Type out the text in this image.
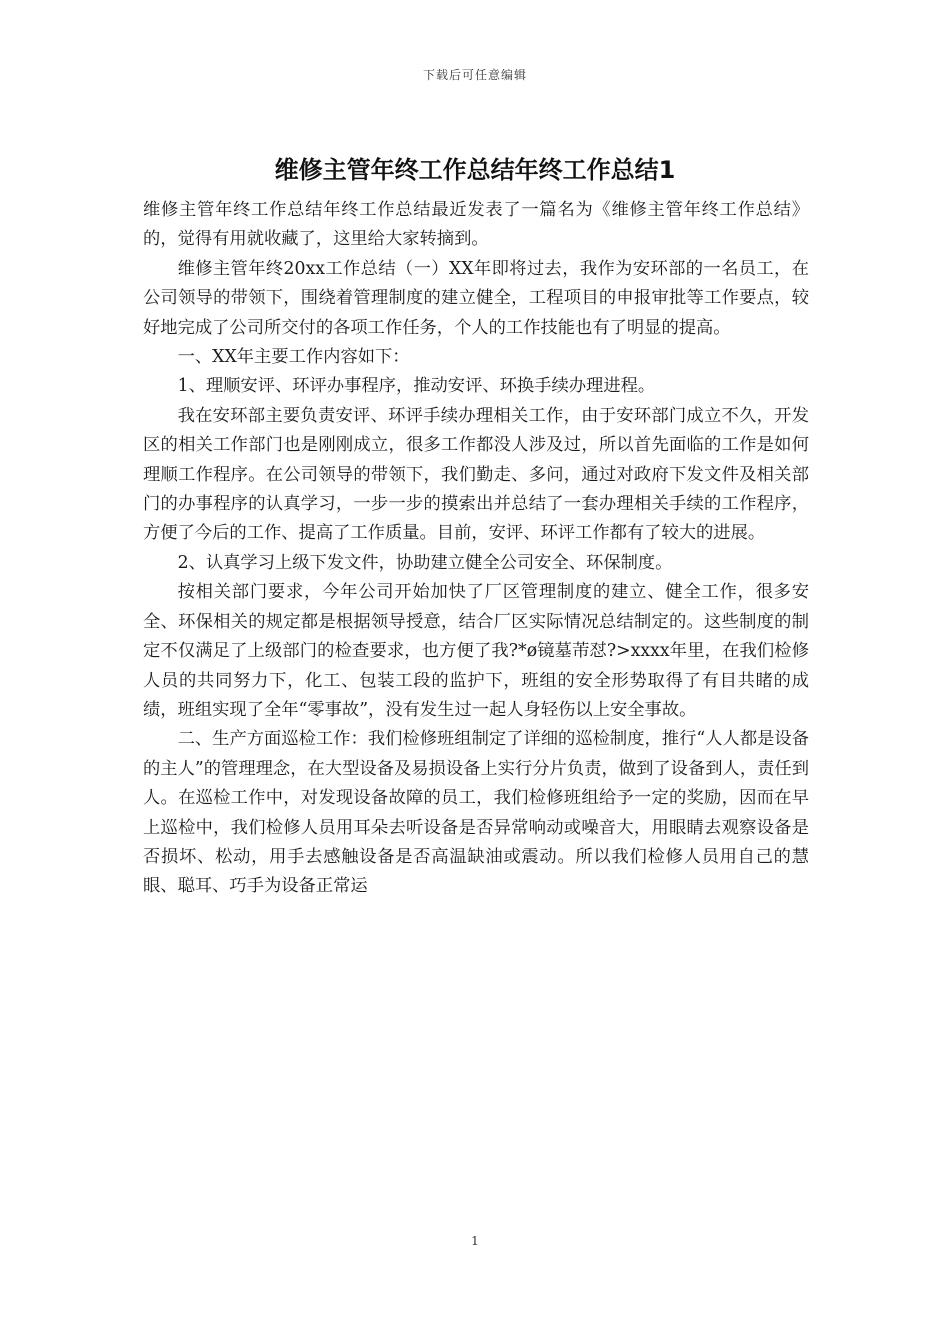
下载后可任意编辑
维修主管年终工作总结年终工作总结1

维修主管年终工作总结年终工作总结最近发表了一篇名为《维修主管年终工作总结》的，觉得有用就收藏了，这里给大家转摘到。

维修主管年终20xx工作总结（一）XX年即将过去，我作为安环部的一名员工，在公司领导的带领下，围绕着管理制度的建立健全，工程项目的申报审批等工作要点，较好地完成了公司所交付的各项工作任务，个人的工作技能也有了明显的提高。

一、XX年主要工作内容如下：

1、理顺安评、环评办事程序，推动安评、环换手续办理进程。

我在安环部主要负责安评、环评手续办理相关工作，由于安环部门成立不久，开发区的相关工作部门也是刚刚成立，很多工作都没人涉及过，所以首先面临的工作是如何理顺工作程序。在公司领导的带领下，我们勤走、多问，通过对政府下发文件及相关部门的办事程序的认真学习，一步一步的摸索出并总结了一套办理相关手续的工作程序，方便了今后的工作、提高了工作质量。目前，安评、环评工作都有了较大的进展。

2、认真学习上级下发文件，协助建立健全公司安全、环保制度。

按相关部门要求，今年公司开始加快了厂区管理制度的建立、健全工作，很多安全、环保相关的规定都是根据领导授意，结合厂区实际情况总结制定的。这些制度的制定不仅满足了上级部门的检查要求，也方便了我?*ø镜墓芾怼?>xxxx年里，在我们检修人员的共同努力下，化工、包装工段的监护下，班组的安全形势取得了有目共睹的成绩，班组实现了全年“零事故”，没有发生过一起人身轻伤以上安全事故。

二、生产方面巡检工作：我们检修班组制定了详细的巡检制度，推行“人人都是设备的主人”的管理理念，在大型设备及易损设备上实行分片负责，做到了设备到人，责任到人。在巡检工作中，对发现设备故障的员工，我们检修班组给予一定的奖励，因而在早上巡检中，我们检修人员用耳朵去听设备是否异常响动或噪音大，用眼睛去观察设备是否损坏、松动，用手去感触设备是否高温缺油或震动。所以我们检修人员用自己的慧眼、聪耳、巧手为设备正常运

1
